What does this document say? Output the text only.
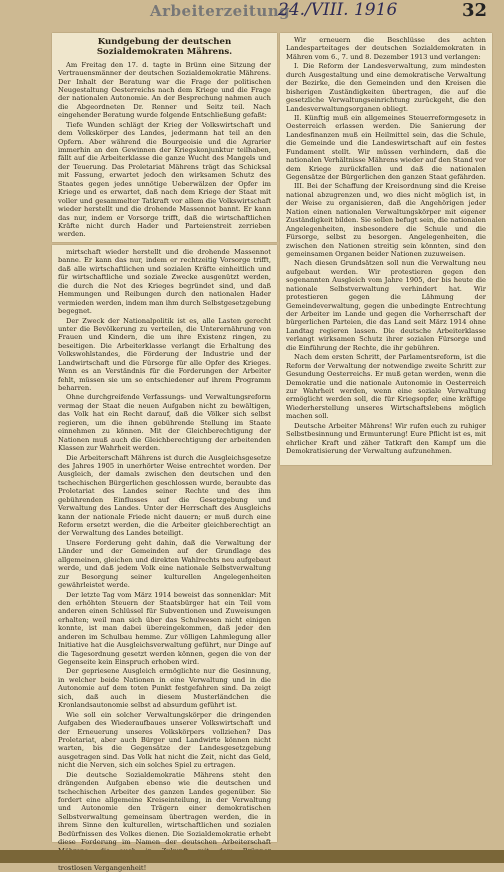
Arbeiterzeitung
24./VIII. 1916	32

Kundgebung der deutschen Sozialdemokraten Mährens.

Am Freitag den 17. d. tagte in Brünn eine Sitzung der Vertrauensmänner der deutschen Sozialdemokratie Mährens. Der Inhalt der Beratung war die Frage der politischen Neugestaltung Oesterreichs nach dem Kriege und die Frage der nationalen Autonomie. An der Besprechung nahmen auch die Abgeordneten Dr. Renner und Seitz teil. Nach eingehender Beratung wurde folgende Entschließung gefaßt:

Tiefe Wunden schlägt der Krieg der Volkswirtschaft und dem Volkskörper des Landes, jedermann hat teil an den Opfern. Aber während die Bourgeoisie und die Agrarier immerhin an den Gewinnen der Kriegskonjunktur teilhaben, fällt auf die Arbeiterklasse die ganze Wucht des Mangels und der Teuerung. Das Proletariat Mährens trägt das Schicksal mit Fassung, erwartet jedoch den wirksamen Schutz des Staates gegen jedes unnötige Ueberwälzen der Opfer im Kriege und es erwartet, daß nach dem Kriege der Staat mit voller und gesammelter Tatkraft vor allem die Volkswirtschaft wieder herstellt und die drohende Massennot bannt. Er kann das nur, indem er Vorsorge trifft, daß die wirtschaftlichen Kräfte nicht durch Hader und Parteienstreit zerrieben werden.

mirtschaft wieder herstellt und die drohende Massennot banne. Er kann das nur, indem er rechtzeitig Vorsorge trifft, daß alle wirtschaftlichen und sozialen Kräfte einheitlich und für wirtschaftliche und soziale Zwecke ausgenützt werden, die durch die Not des Krieges begründet sind, und daß Hemmungen und Reibungen durch den nationalen Hader vermieden werden, indem man ihm durch Selbstgesetzgebung begegnet.

Der Zweck der Nationalpolitik ist es, alle Lasten gerecht unter die Bevölkerung zu verteilen, die Unterernährung von Frauen und Kindern, die um ihre Existenz ringen, zu beseitigen. Die Arbeiterklasse verlangt die Erhaltung des Volkswohlstandes, die Förderung der Industrie und der Landwirtschaft und die Fürsorge für alle Opfer des Krieges. Wenn es an Verständnis für die Forderungen der Arbeiter fehlt, müssen sie um so entschiedener auf ihrem Programm beharren.

Ohne durchgreifende Verfassungs- und Verwaltungsreform vermag der Staat die neuen Aufgaben nicht zu bewältigen, das Volk hat ein Recht darauf, daß die Völker sich selbst regieren, um die ihnen gebührende Stellung im Staate einnehmen zu können. Mit der Gleichberechtigung der Nationen muß auch die Gleichberechtigung der arbeitenden Klassen zur Wahrheit werden.

Die Arbeiterschaft Mährens ist durch die Ausgleichsgesetze des Jahres 1905 in unerhörter Weise entrechtet worden. Der Ausgleich, der damals zwischen den deutschen und den tschechischen Bürgerlichen geschlossen wurde, beraubte das Proletariat des Landes seiner Rechte und des ihm gebührenden Einflusses auf die Gesetzgebung und Verwaltung des Landes. Unter der Herrschaft des Ausgleichs kann der nationale Friede nicht dauern; er muß durch eine Reform ersetzt werden, die die Arbeiter gleichberechtigt an der Verwaltung des Landes beteiligt.

Unsere Forderung geht dahin, daß die Verwaltung der Länder und der Gemeinden auf der Grundlage des allgemeinen, gleichen und direkten Wahlrechts neu aufgebaut werde, und daß jedem Volk eine nationale Selbstverwaltung zur Besorgung seiner kulturellen Angelegenheiten gewährleistet werde.

Der letzte Tag vom März 1914 beweist das sonnenklar: Mit den erhöhten Steuern der Staatsbürger hat ein Teil vom anderen einen Schlüssel für Subventionen und Zuweisungen erhalten; weil man sich über das Schulwesen nicht einigen konnte, ist man dabei übereingekommen, daß jeder den anderen im Schulbau hemme. Zur völligen Lahmlegung aller Initiative hat die Ausgleichsverwaltung geführt, nur Dinge auf die Tagesordnung gesetzt werden können, gegen die von der Gegenseite kein Einspruch erhoben wird.

Der gepriesene Ausgleich ermöglichte nur die Gesinnung, in welcher beide Nationen in eine Verwaltung und in die Autonomie auf dem toten Punkt festgefahren sind. Da zeigt sich, daß auch in diesem Musterländchen die Kronlandsautonomie selbst ad absurdum geführt ist.

Wie soll ein solcher Verwaltungskörper die dringenden Aufgaben des Wiederaufbaues unserer Volkswirtschaft und der Erneuerung unseres Volkskörpers vollziehen? Das Proletariat, aber auch Bürger und Landwirte können nicht warten, bis die Gegensätze der Landesgesetzgebung ausgetragen sind. Das Volk hat nicht die Zeit, nicht das Geld, nicht die Nerven, sich ein solches Spiel zu ertragen.

Die deutsche Sozialdemokratie Mährens steht den drängenden Aufgaben ebenso wie die deutschen und tschechischen Arbeiter des ganzen Landes gegenüber. Sie fordert eine allgemeine Kreiseinteilung, in der Verwaltung und Autonomie den Trägern einer demokratischen Selbstverwaltung gemeinsam übertragen werden, die in ihrem Sinne den kulturellen, wirtschaftlichen und sozialen Bedürfnissen des Volkes dienen. Die Sozialdemokratie erhebt diese Forderung im Namen der deutschen Arbeiterschaft trostlosen Vergangenheit!

Wir erneuern die Beschlüsse des achten Landesparteitages der deutschen Sozialdemokraten in Mähren vom 6., 7. und 8. Dezember 1913 und verlangen:

I. Die Reform der Landesverwaltung, zum mindesten durch Ausgestaltung und eine demokratische Verwaltung der Bezirke, die den Gemeinden und den Kreisen die bisherigen Zuständigkeiten übertragen, die auf die gesetzliche Verwaltungseinrichtung zurückgeht, die den Landesverwaltungsorganen obliegt.

II. Künftig muß ein allgemeines Steuerreformgesetz in Oesterreich erlassen werden. Die Sanierung der Landesfinanzen muß ein Heilmittel sein, das die Schule, die Gemeinde und die Landeswirtschaft auf ein festes Fundament stellt. Wir müssen verhindern, daß die nationalen Verhältnisse Mährens wieder auf den Stand vor dem Kriege zurückfallen und daß die nationalen Gegensätze der Bürgerlichen den ganzen Staat gefährden.

III. Bei der Schaffung der Kreisordnung sind die Kreise national abzugrenzen und, wo dies nicht möglich ist, in der Weise zu organisieren, daß die Angehörigen jeder Nation einen nationalen Verwaltungskörper mit eigener Zuständigkeit bilden. Sie sollen befugt sein, die nationalen Angelegenheiten, insbesondere die Schule und die Fürsorge, selbst zu besorgen. Angelegenheiten, die zwischen den Nationen streitig sein könnten, sind den gemeinsamen Organen beider Nationen zuzuweisen.

Nach diesen Grundsätzen soll nun die Verwaltung neu aufgebaut werden. Wir protestieren gegen den sogenannten Ausgleich vom Jahre 1905, der bis heute die nationale Selbstverwaltung verhindert hat. Wir protestieren gegen die Lähmung der Gemeindeverwaltung, gegen die unbedingte Entrechtung der Arbeiter im Lande und gegen die Vorherrschaft der bürgerlichen Parteien, die das Land seit März 1914 ohne Landtag regieren lassen. Die deutsche Arbeiterklasse verlangt wirksamen Schutz ihrer sozialen Fürsorge und die Einführung der Rechte, die ihr gebühren.

Nach dem ersten Schritt, der Parlamentsreform, ist die Reform der Verwaltung der notwendige zweite Schritt zur Gesundung Oesterreichs. Er muß getan werden, wenn die Demokratie und die nationale Autonomie in Oesterreich zur Wahrheit werden, wenn eine soziale Verwaltung ermöglicht werden soll, die für Kriegsopfer, eine kräftige Wiederherstellung unseres Wirtschaftslebens möglich machen soll.

Deutsche Arbeiter Mährens! Wir rufen euch zu ruhiger Selbstbesinnung und Ermunterung! Eure Pflicht ist es, mit ehrlicher Kraft und zäher Tatkraft den Kampf um die Demokratisierung der Verwaltung aufzunehmen.
